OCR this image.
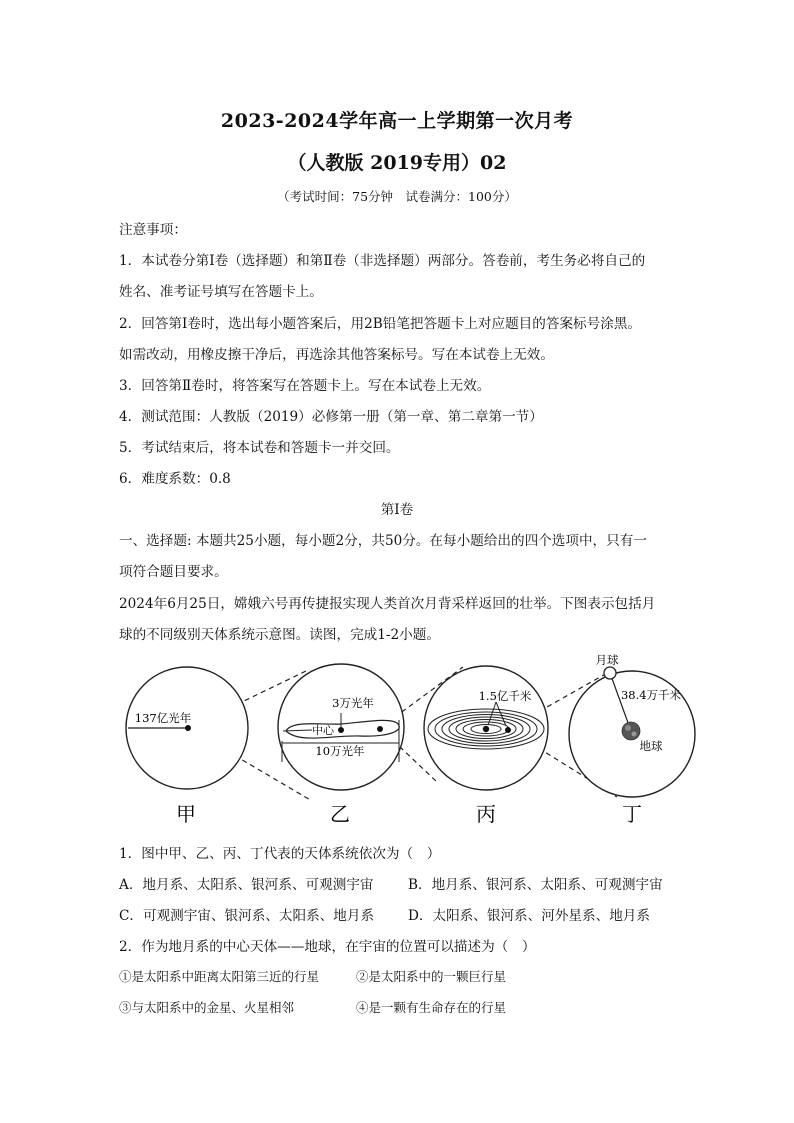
2023-2024学年高一上学期第一次月考
（人教版 2019专用）02
（考试时间：75分钟　试卷满分：100分）
注意事项：
1．本试卷分第Ⅰ卷（选择题）和第Ⅱ卷（非选择题）两部分。答卷前，考生务必将自己的
姓名、准考证号填写在答题卡上。
2．回答第Ⅰ卷时，选出每小题答案后，用2B铅笔把答题卡上对应题目的答案标号涂黑。
如需改动，用橡皮擦干净后，再选涂其他答案标号。写在本试卷上无效。
3．回答第Ⅱ卷时，将答案写在答题卡上。写在本试卷上无效。
4．测试范围：人教版（2019）必修第一册（第一章、第二章第一节）
5．考试结束后，将本试卷和答题卡一并交回。
6．难度系数：0.8
第Ⅰ卷
一、选择题: 本题共25小题，每小题2分，共50分。在每小题给出的四个选项中，只有一
项符合题目要求。
2024年6月25日，嫦娥六号再传捷报实现人类首次月背采样返回的壮举。下图表示包括月
球的不同级别天体系统示意图。读图，完成1-2小题。
137亿光年
3万光年
中心
10万光年
1.5亿千米
月球
38.4万千米
地球
甲	乙	丙	丁
1．图中甲、乙、丙、丁代表的天体系统依次为（　）
A．地月系、太阳系、银河系、可观测宇宙	B．地月系、银河系、太阳系、可观测宇宙
C．可观测宇宙、银河系、太阳系、地月系 D．太阳系、银河系、河外星系、地月系
2．作为地月系的中心天体——地球，在宇宙的位置可以描述为（　）
①是太阳系中距离太阳第三近的行星	②是太阳系中的一颗巨行星
③与太阳系中的金星、火星相邻	④是一颗有生命存在的行星
